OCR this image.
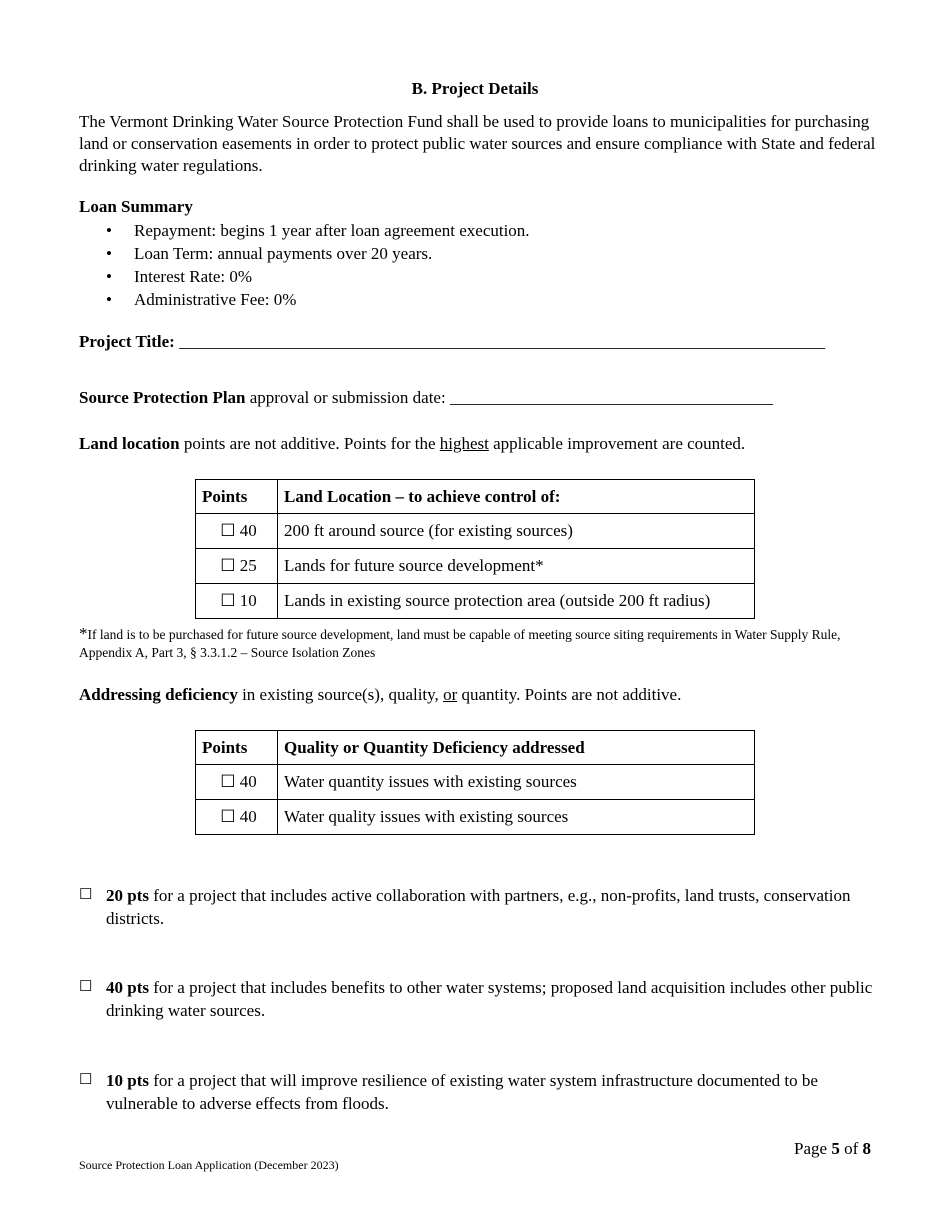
B. Project Details
The Vermont Drinking Water Source Protection Fund shall be used to provide loans to municipalities for purchasing land or conservation easements in order to protect public water sources and ensure compliance with State and federal drinking water regulations.
Loan Summary
• Repayment: begins 1 year after loan agreement execution.
• Loan Term: annual payments over 20 years.
• Interest Rate: 0%
• Administrative Fee: 0%
Project Title: ____________________________________________________________________________
Source Protection Plan approval or submission date: ______________________________________
Land location points are not additive. Points for the highest applicable improvement are counted.
Points	Land Location – to achieve control of:
☐ 40	200 ft around source (for existing sources)
☐ 25	Lands for future source development*
☐ 10	Lands in existing source protection area (outside 200 ft radius)
*If land is to be purchased for future source development, land must be capable of meeting source siting requirements in Water Supply Rule, Appendix A, Part 3, § 3.3.1.2 – Source Isolation Zones
Addressing deficiency in existing source(s), quality, or quantity. Points are not additive.
Points	Quality or Quantity Deficiency addressed
☐ 40	Water quantity issues with existing sources
☐ 40	Water quality issues with existing sources
☐ 20 pts for a project that includes active collaboration with partners, e.g., non-profits, land trusts, conservation districts.
☐ 40 pts for a project that includes benefits to other water systems; proposed land acquisition includes other public drinking water sources.
☐ 10 pts for a project that will improve resilience of existing water system infrastructure documented to be vulnerable to adverse effects from floods.
Page 5 of 8
Source Protection Loan Application (December 2023)
